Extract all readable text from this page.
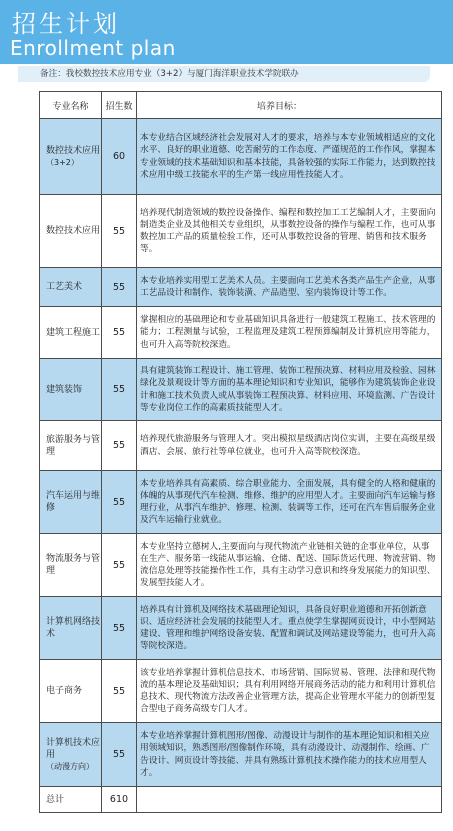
招生计划
Enrollment plan
备注：我校数控技术应用专业（3+2）与厦门海洋职业技术学院联办
专业名称	招生数	培养目标：
数控技术应用
（3+2）	60	本专业结合区域经济社会发展对人才的要求，培养与本专业领域相适应的文化水平、良好的职业道德、吃苦耐劳的工作态度、严谨规范的工作作风，掌握本专业领域的技术基础知识和基本技能，具备较强的实际工作能力，达到数控技术应用中级工技能水平的生产第一线应用性技能人才。
数控技术应用	55	培养现代制造领域的数控设备操作、编程和数控加工工艺编制人才，主要面向制造类企业及其他相关专业组织，从事数控设备的操作与编程工作，也可从事数控加工产品的质量检验工作，还可从事数控设备的管理、销售和技术服务等。
工艺美术	55	本专业培养实用型工艺美术人员。主要面向工艺美术各类产品生产企业，从事工艺品设计和制作、装饰装潢、产品造型、室内装饰设计等工作。
建筑工程施工	55	掌握相应的基础理论和专业基础知识具备进行一般建筑工程施工、技术管理的能力；工程测量与试验，工程监理及建筑工程预算编制及计算机应用等能力，也可升入高等院校深造。
建筑装饰	55	具有建筑装饰工程设计、施工管理、装饰工程预决算、材料应用及检验、园林绿化及景观设计等方面的基本理论知识和专业知识，能够作为建筑装饰企业设计和施工技术负责人或从事装饰工程预决算、材料应用、环境监测、广告设计等专业岗位工作的高素质技能型人才。
旅游服务与管理	55	培养现代旅游服务与管理人才。突出模拟星级酒店岗位实训，主要在高级星级酒店、会展、旅行社等单位就业，也可升入高等院校深造。
汽车运用与维修	55	本专业培养具有高素质、综合职业能力、全面发展，具有健全的人格和健康的体魄的从事现代汽车检测、维修、维护的应用型人才。主要面向汽车运输与修理行业，从事汽车维护、修理、检测、装调等工作，还可在汽车售后服务企业及汽车运输行业就业。
物流服务与管理	55	本专业坚持立德树人,主要面向与现代物流产业链相关链的企事业单位，从事在生产、服务第一线能从事运输、仓储、配送、国际货运代理、物流营销、物流信息处理等技能操作性工作，具有主动学习意识和终身发展能力的知识型、发展型技能人才。
计算机网络技术	55	培养具有计算机及网络技术基础理论知识，具备良好职业道德和开拓创新意识、适应经济社会发展的技能型人才。重点使学生掌握网页设计，中小型网站建设、管理和维护网络设备安装、配置和调试及网站建设等能力，也可升入高等院校深造。
电子商务	55	该专业培养掌握计算机信息技术、市场营销、国际贸易、管理、法律和现代物流的基本理论及基础知识；具有利用网络开展商务活动的能力和利用计算机信息技术、现代物流方法改善企业管理方法，提高企业管理水平能力的创新型复合型电子商务高级专门人才。
计算机技术应用
（动漫方向）	55	本专业培养掌握计算机图形/图像、动漫设计与制作的基本理论知识和相关应用领域知识，熟悉图形/图像制作环境，具有动漫设计、动漫制作、绘画、广告设计、网页设计等技能、并具有熟练计算机技术操作能力的技术应用型人才。
总计	610	
